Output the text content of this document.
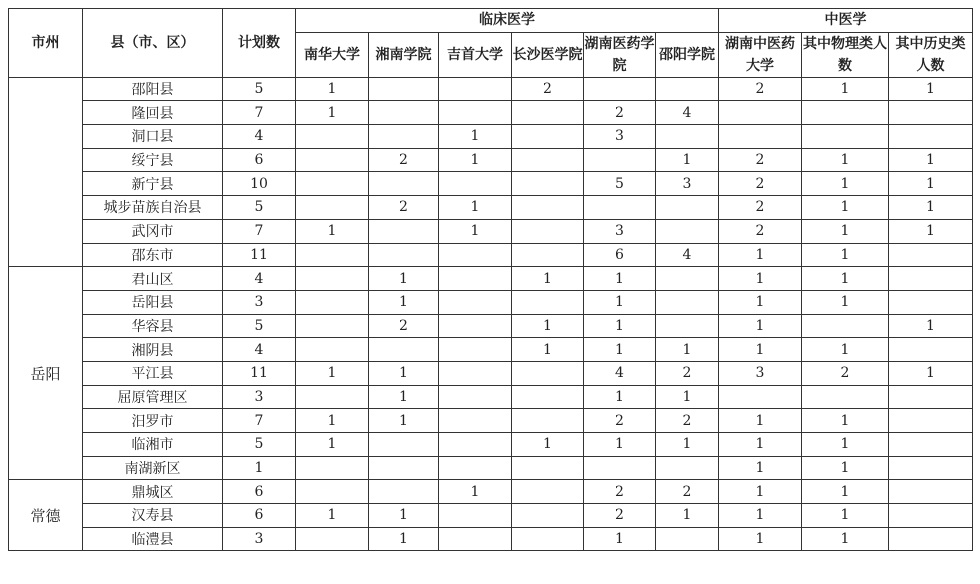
市州	县（市、区）	计划数	临床医学						中医学		
			南华大学	湘南学院	吉首大学	长沙医学院	湖南医药学院	邵阳学院	湖南中医药大学	其中物理类人数	其中历史类人数

	邵阳县	5	1			2			2	1	1
	隆回县	7	1				2	4			
	洞口县	4			1		3				
	绥宁县	6		2	1			1	2	1	1
	新宁县	10					5	3	2	1	1
	城步苗族自治县	5		2	1				2	1	1
	武冈市	7	1		1		3		2	1	1
	邵东市	11					6	4	1	1	
岳阳	君山区	4		1		1	1		1	1	
	岳阳县	3		1			1		1	1	
	华容县	5		2		1	1		1		1
	湘阴县	4				1	1	1	1	1	
	平江县	11	1	1			4	2	3	2	1
	屈原管理区	3		1			1	1			
	汨罗市	7	1	1			2	2	1	1	
	临湘市	5	1			1	1	1	1	1	
	南湖新区	1							1	1	
常德	鼎城区	6			1		2	2	1	1	
	汉寿县	6	1	1			2	1	1	1	
	临澧县	3		1			1		1	1	
